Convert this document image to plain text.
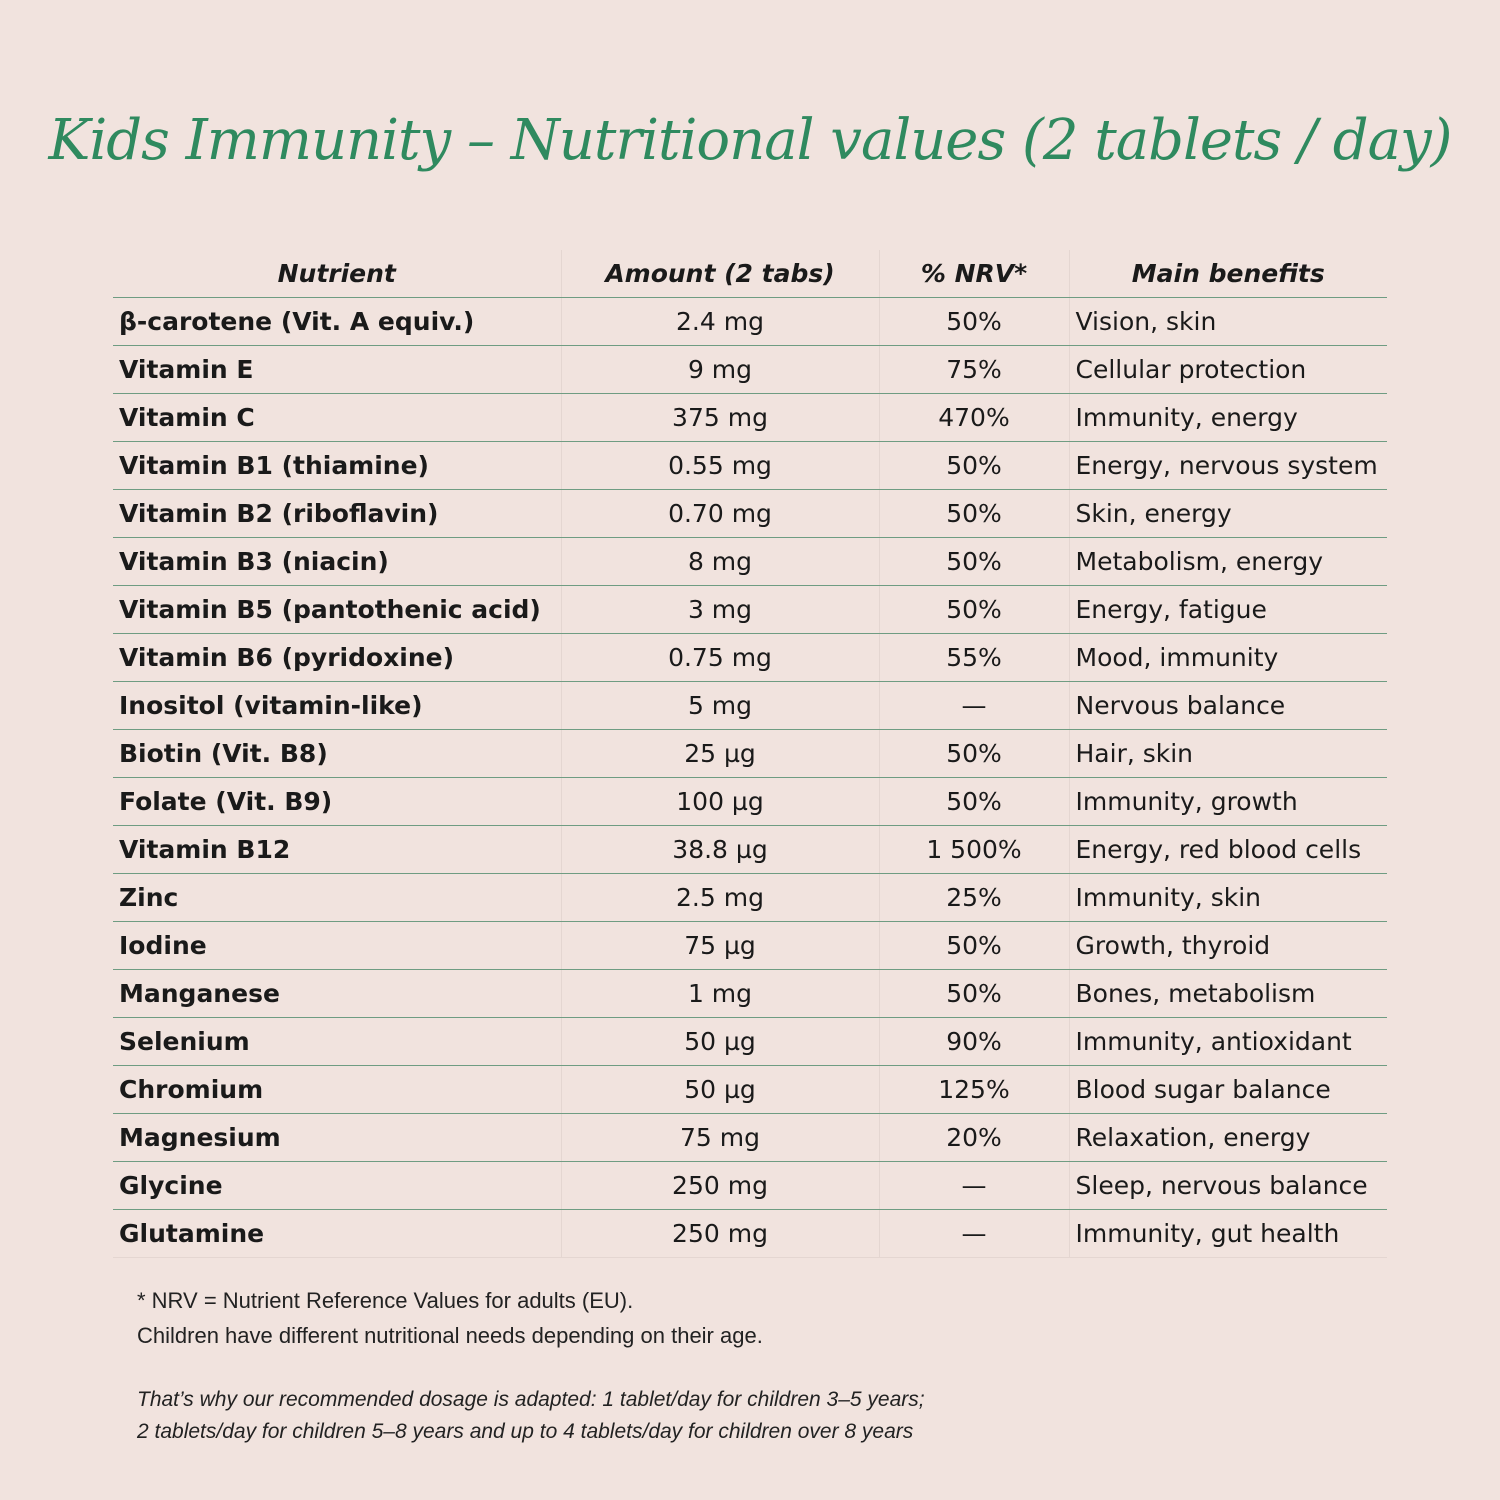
Kids Immunity – Nutritional values (2 tablets / day)
Nutrient	Amount (2 tabs)	% NRV*	Main benefits
β-carotene (Vit. A equiv.)	2.4 mg	50%	Vision, skin
Vitamin E	9 mg	75%	Cellular protection
Vitamin C	375 mg	470%	Immunity, energy
Vitamin B1 (thiamine)	0.55 mg	50%	Energy, nervous system
Vitamin B2 (riboflavin)	0.70 mg	50%	Skin, energy
Vitamin B3 (niacin)	8 mg	50%	Metabolism, energy
Vitamin B5 (pantothenic acid)	3 mg	50%	Energy, fatigue
Vitamin B6 (pyridoxine)	0.75 mg	55%	Mood, immunity
Inositol (vitamin-like)	5 mg	—	Nervous balance
Biotin (Vit. B8)	25 µg	50%	Hair, skin
Folate (Vit. B9)	100 µg	50%	Immunity, growth
Vitamin B12	38.8 µg	1 500%	Energy, red blood cells
Zinc	2.5 mg	25%	Immunity, skin
Iodine	75 µg	50%	Growth, thyroid
Manganese	1 mg	50%	Bones, metabolism
Selenium	50 µg	90%	Immunity, antioxidant
Chromium	50 µg	125%	Blood sugar balance
Magnesium	75 mg	20%	Relaxation, energy
Glycine	250 mg	—	Sleep, nervous balance
Glutamine	250 mg	—	Immunity, gut health
* NRV = Nutrient Reference Values for adults (EU).
Children have different nutritional needs depending on their age.
That’s why our recommended dosage is adapted: 1 tablet/day for children 3–5 years;
2 tablets/day for children 5–8 years and up to 4 tablets/day for children over 8 years
